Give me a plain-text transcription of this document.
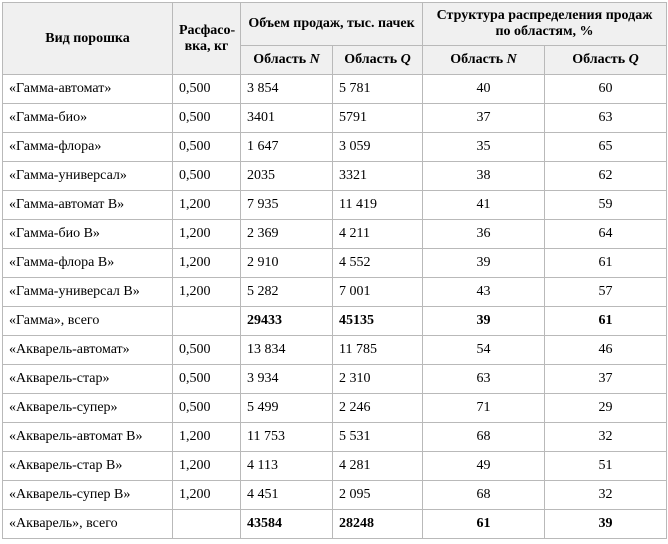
Вид порошка	Расфасовка, кг	Объем продаж, тыс. пачек		Структура распределения продаж по областям, %	
		Область N	Область Q	Область N	Область Q
«Гамма-автомат»	0,500	3 854	5 781	40	60
«Гамма-био»	0,500	3401	5791	37	63
«Гамма-флора»	0,500	1 647	3 059	35	65
«Гамма-универсал»	0,500	2035	3321	38	62
«Гамма-автомат В»	1,200	7 935	11 419	41	59
«Гамма-био В»	1,200	2 369	4 211	36	64
«Гамма-флора В»	1,200	2 910	4 552	39	61
«Гамма-универсал В»	1,200	5 282	7 001	43	57
«Гамма», всего		29433	45135	39	61
«Акварель-автомат»	0,500	13 834	11 785	54	46
«Акварель-стар»	0,500	3 934	2 310	63	37
«Акварель-супер»	0,500	5 499	2 246	71	29
«Акварель-автомат В»	1,200	11 753	5 531	68	32
«Акварель-стар В»	1,200	4 113	4 281	49	51
«Акварель-супер В»	1,200	4 451	2 095	68	32
«Акварель», всего		43584	28248	61	39
